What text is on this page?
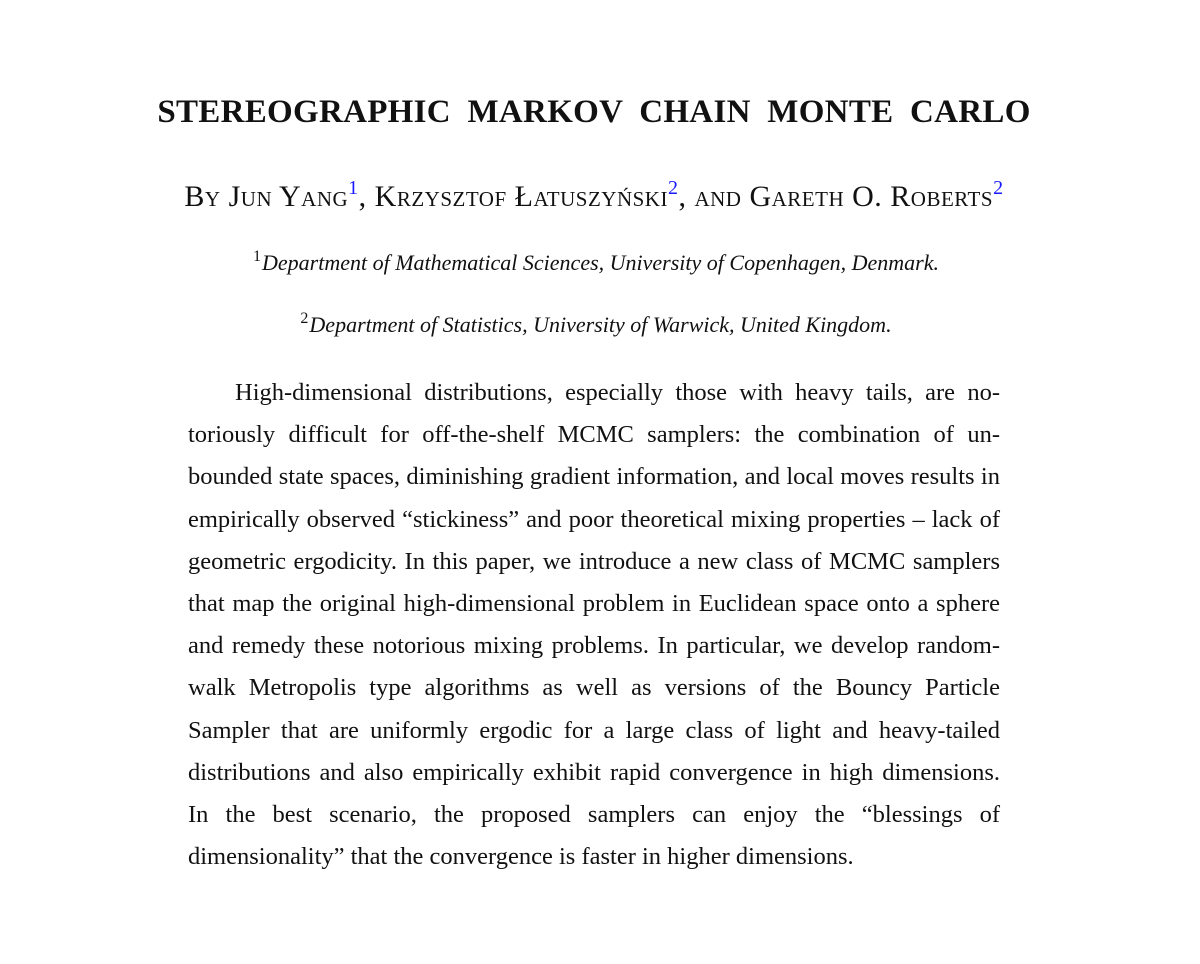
STEREOGRAPHIC MARKOV CHAIN MONTE CARLO
By Jun Yang$^1$, Krzysztof Łatuszyński$^2$, and Gareth O. Roberts$^2$
$^1$Department of Mathematical Sciences, University of Copenhagen, Denmark.
$^2$Department of Statistics, University of Warwick, United Kingdom.

High-dimensional distributions, especially those with heavy tails, are notoriously difficult for off-the-shelf MCMC samplers: the combination of unbounded state spaces, diminishing gradient information, and local moves results in empirically observed “stickiness” and poor theoretical mixing properties – lack of geometric ergodicity. In this paper, we introduce a new class of MCMC samplers that map the original high-dimensional problem in Euclidean space onto a sphere and remedy these notorious mixing problems. In particular, we develop random-walk Metropolis type algorithms as well as versions of the Bouncy Particle Sampler that are uniformly ergodic for a large class of light and heavy-tailed distributions and also empirically exhibit rapid convergence in high dimensions. In the best scenario, the proposed samplers can enjoy the “blessings of dimensionality” that the convergence is faster in higher dimensions.
